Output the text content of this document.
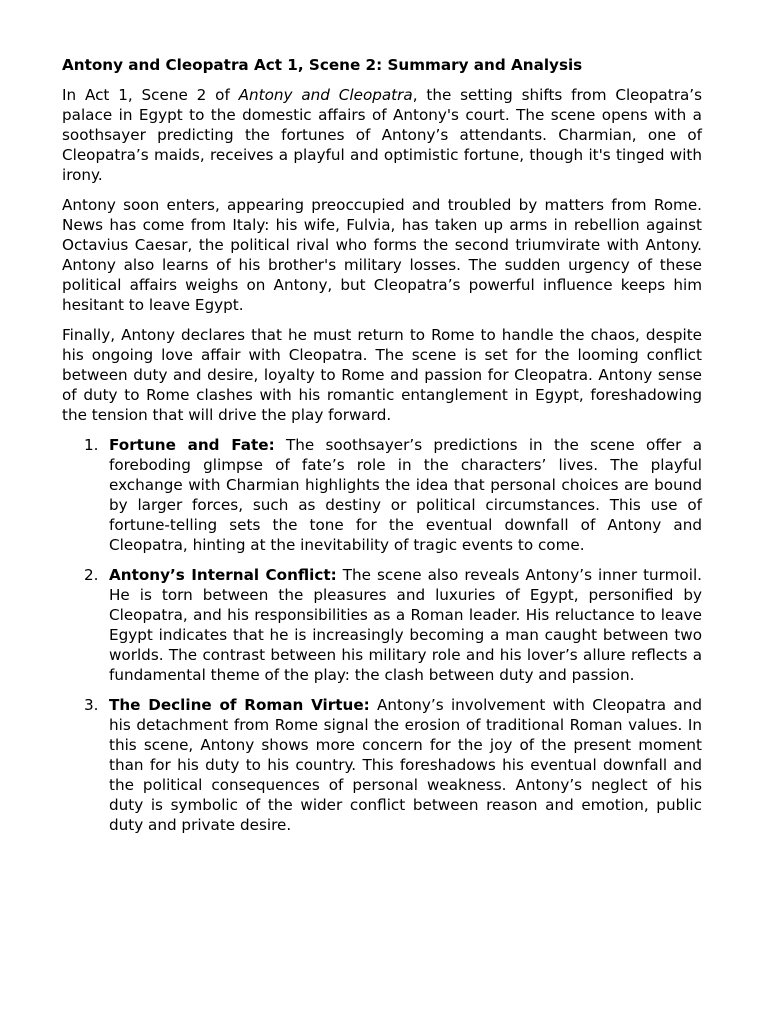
Antony and Cleopatra Act 1, Scene 2: Summary and Analysis

In Act 1, Scene 2 of Antony and Cleopatra, the setting shifts from Cleopatra’s palace in Egypt to the domestic affairs of Antony's court. The scene opens with a soothsayer predicting the fortunes of Antony’s attendants. Charmian, one of Cleopatra’s maids, receives a playful and optimistic fortune, though it's tinged with irony.

Antony soon enters, appearing preoccupied and troubled by matters from Rome. News has come from Italy: his wife, Fulvia, has taken up arms in rebellion against Octavius Caesar, the political rival who forms the second triumvirate with Antony. Antony also learns of his brother's military losses. The sudden urgency of these political affairs weighs on Antony, but Cleopatra’s powerful influence keeps him hesitant to leave Egypt.

Finally, Antony declares that he must return to Rome to handle the chaos, despite his ongoing love affair with Cleopatra. The scene is set for the looming conflict between duty and desire, loyalty to Rome and passion for Cleopatra. Antony sense of duty to Rome clashes with his romantic entanglement in Egypt, foreshadowing the tension that will drive the play forward.

1. Fortune and Fate: The soothsayer’s predictions in the scene offer a foreboding glimpse of fate’s role in the characters’ lives. The playful exchange with Charmian highlights the idea that personal choices are bound by larger forces, such as destiny or political circumstances. This use of fortune-telling sets the tone for the eventual downfall of Antony and Cleopatra, hinting at the inevitability of tragic events to come.
2. Antony’s Internal Conflict: The scene also reveals Antony’s inner turmoil. He is torn between the pleasures and luxuries of Egypt, personified by Cleopatra, and his responsibilities as a Roman leader. His reluctance to leave Egypt indicates that he is increasingly becoming a man caught between two worlds. The contrast between his military role and his lover’s allure reflects a fundamental theme of the play: the clash between duty and passion.
3. The Decline of Roman Virtue: Antony’s involvement with Cleopatra and his detachment from Rome signal the erosion of traditional Roman values. In this scene, Antony shows more concern for the joy of the present moment than for his duty to his country. This foreshadows his eventual downfall and the political consequences of personal weakness. Antony’s neglect of his duty is symbolic of the wider conflict between reason and emotion, public duty and private desire.
